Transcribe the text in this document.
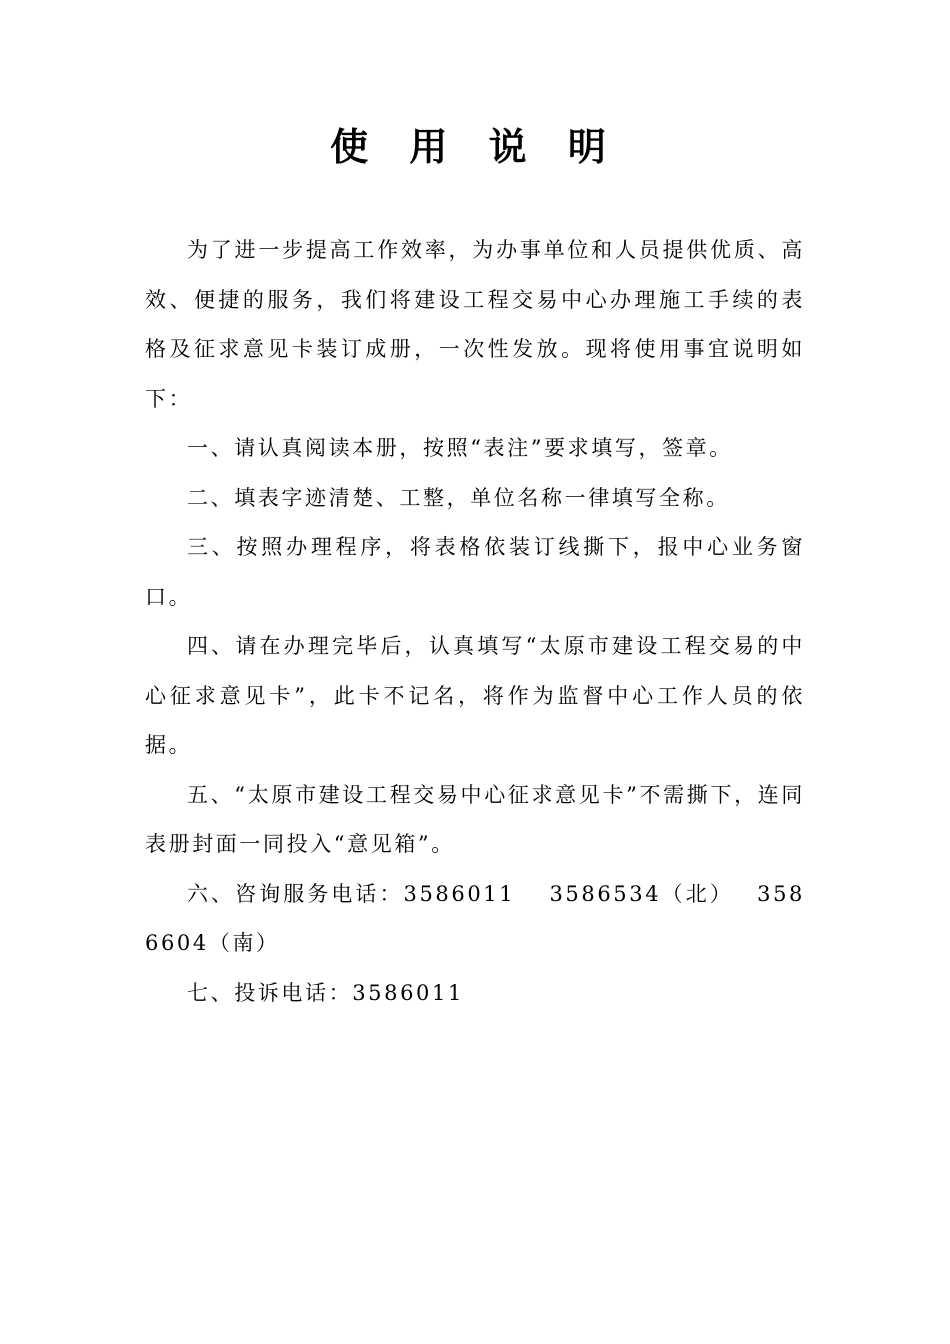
使 用 说 明

为了进一步提高工作效率，为办事单位和人员提供优质、高效、便捷的服务，我们将建设工程交易中心办理施工手续的表格及征求意见卡装订成册，一次性发放。现将使用事宜说明如下：

一、请认真阅读本册，按照“表注”要求填写，签章。

二、填表字迹清楚、工整，单位名称一律填写全称。

三、按照办理程序，将表格依装订线撕下，报中心业务窗口。

四、请在办理完毕后，认真填写“太原市建设工程交易的中心征求意见卡”，此卡不记名，将作为监督中心工作人员的依据。

五、“太原市建设工程交易中心征求意见卡”不需撕下，连同表册封面一同投入“意见箱”。

六、咨询服务电话：3586011　 3586534（北）　 3586604（南）

七、投诉电话：3586011
